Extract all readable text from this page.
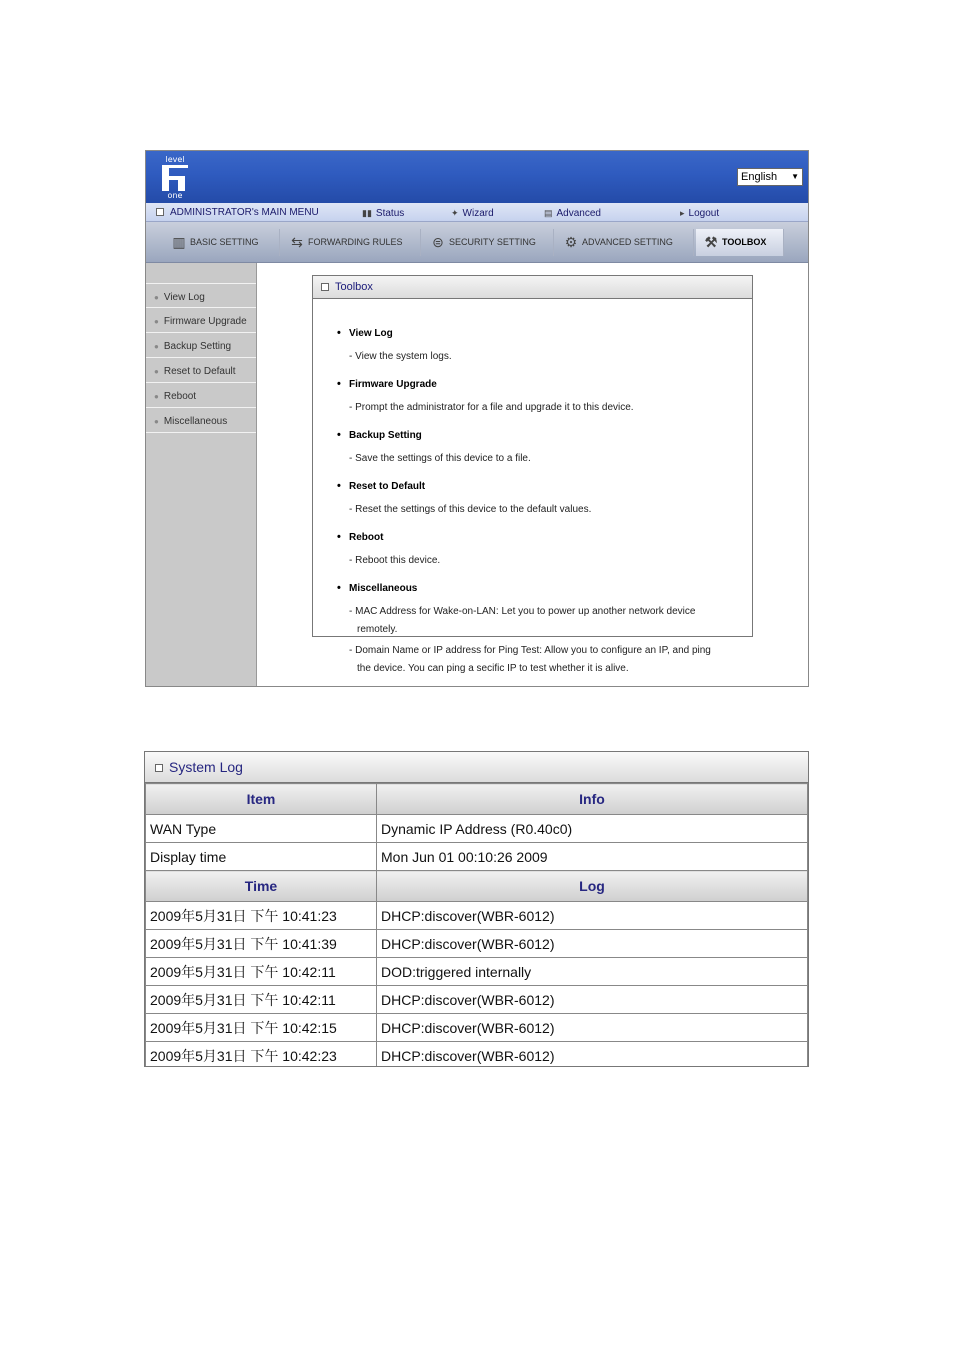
level
one
English ▼
ADMINISTRATOR's MAIN MENU	▮▮ Status	✦ Wizard	▤ Advanced	▸ Logout
▥ BASIC SETTING	⇆ FORWARDING RULES	⊜ SECURITY SETTING	⚙ ADVANCED SETTING	⚒ TOOLBOX
● View Log
● Firmware Upgrade
● Backup Setting
● Reset to Default
● Reboot
● Miscellaneous
Toolbox
• View Log
- View the system logs.
• Firmware Upgrade
- Prompt the administrator for a file and upgrade it to this device.
• Backup Setting
- Save the settings of this device to a file.
• Reset to Default
- Reset the settings of this device to the default values.
• Reboot
- Reboot this device.
• Miscellaneous
- MAC Address for Wake-on-LAN: Let you to power up another network device remotely.
- Domain Name or IP address for Ping Test: Allow you to configure an IP, and ping the device. You can ping a secific IP to test whether it is alive.
System Log
Item	Info
WAN Type	Dynamic IP Address (R0.40c0)
Display time	Mon Jun 01 00:10:26 2009
Time	Log
2009年5月31日 下午 10:41:23	DHCP:discover(WBR-6012)
2009年5月31日 下午 10:41:39	DHCP:discover(WBR-6012)
2009年5月31日 下午 10:42:11	DOD:triggered internally
2009年5月31日 下午 10:42:11	DHCP:discover(WBR-6012)
2009年5月31日 下午 10:42:15	DHCP:discover(WBR-6012)
2009年5月31日 下午 10:42:23	DHCP:discover(WBR-6012)
